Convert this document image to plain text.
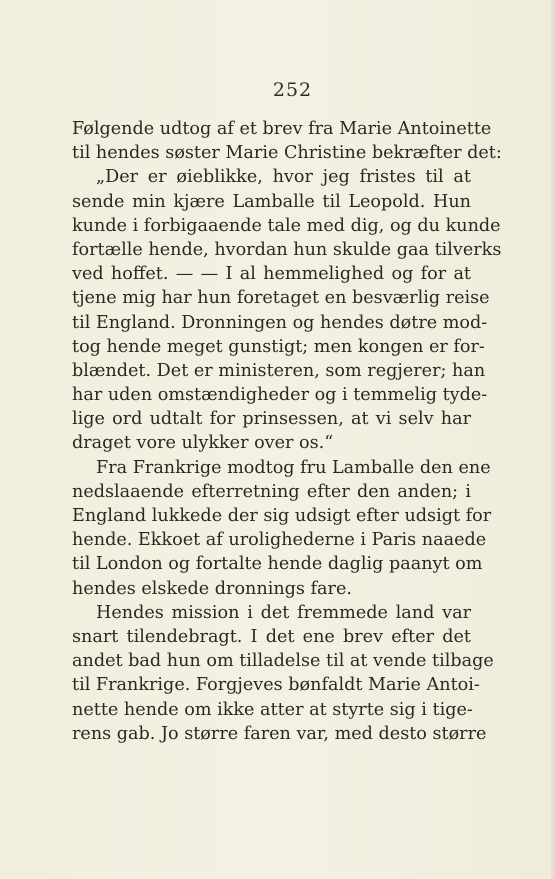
252
Følgende udtog af et brev fra Marie Antoinette
til hendes søster Marie Christine bekræfter det:
„Der er øieblikke, hvor jeg fristes til at
sende min kjære Lamballe til Leopold. Hun
kunde i forbigaaende tale med dig, og du kunde
fortælle hende, hvordan hun skulde gaa tilverks
ved hoffet. — — I al hemmelighed og for at
tjene mig har hun foretaget en besværlig reise
til England. Dronningen og hendes døtre mod-
tog hende meget gunstigt; men kongen er for-
blændet. Det er ministeren, som regjerer; han
har uden omstændigheder og i temmelig tyde-
lige ord udtalt for prinsessen, at vi selv har
draget vore ulykker over os.“
Fra Frankrige modtog fru Lamballe den ene
nedslaaende efterretning efter den anden; i
England lukkede der sig udsigt efter udsigt for
hende. Ekkoet af urolighederne i Paris naaede
til London og fortalte hende daglig paanyt om
hendes elskede dronnings fare.
Hendes mission i det fremmede land var
snart tilendebragt. I det ene brev efter det
andet bad hun om tilladelse til at vende tilbage
til Frankrige. Forgjeves bønfaldt Marie Antoi-
nette hende om ikke atter at styrte sig i tige-
rens gab. Jo større faren var, med desto større
